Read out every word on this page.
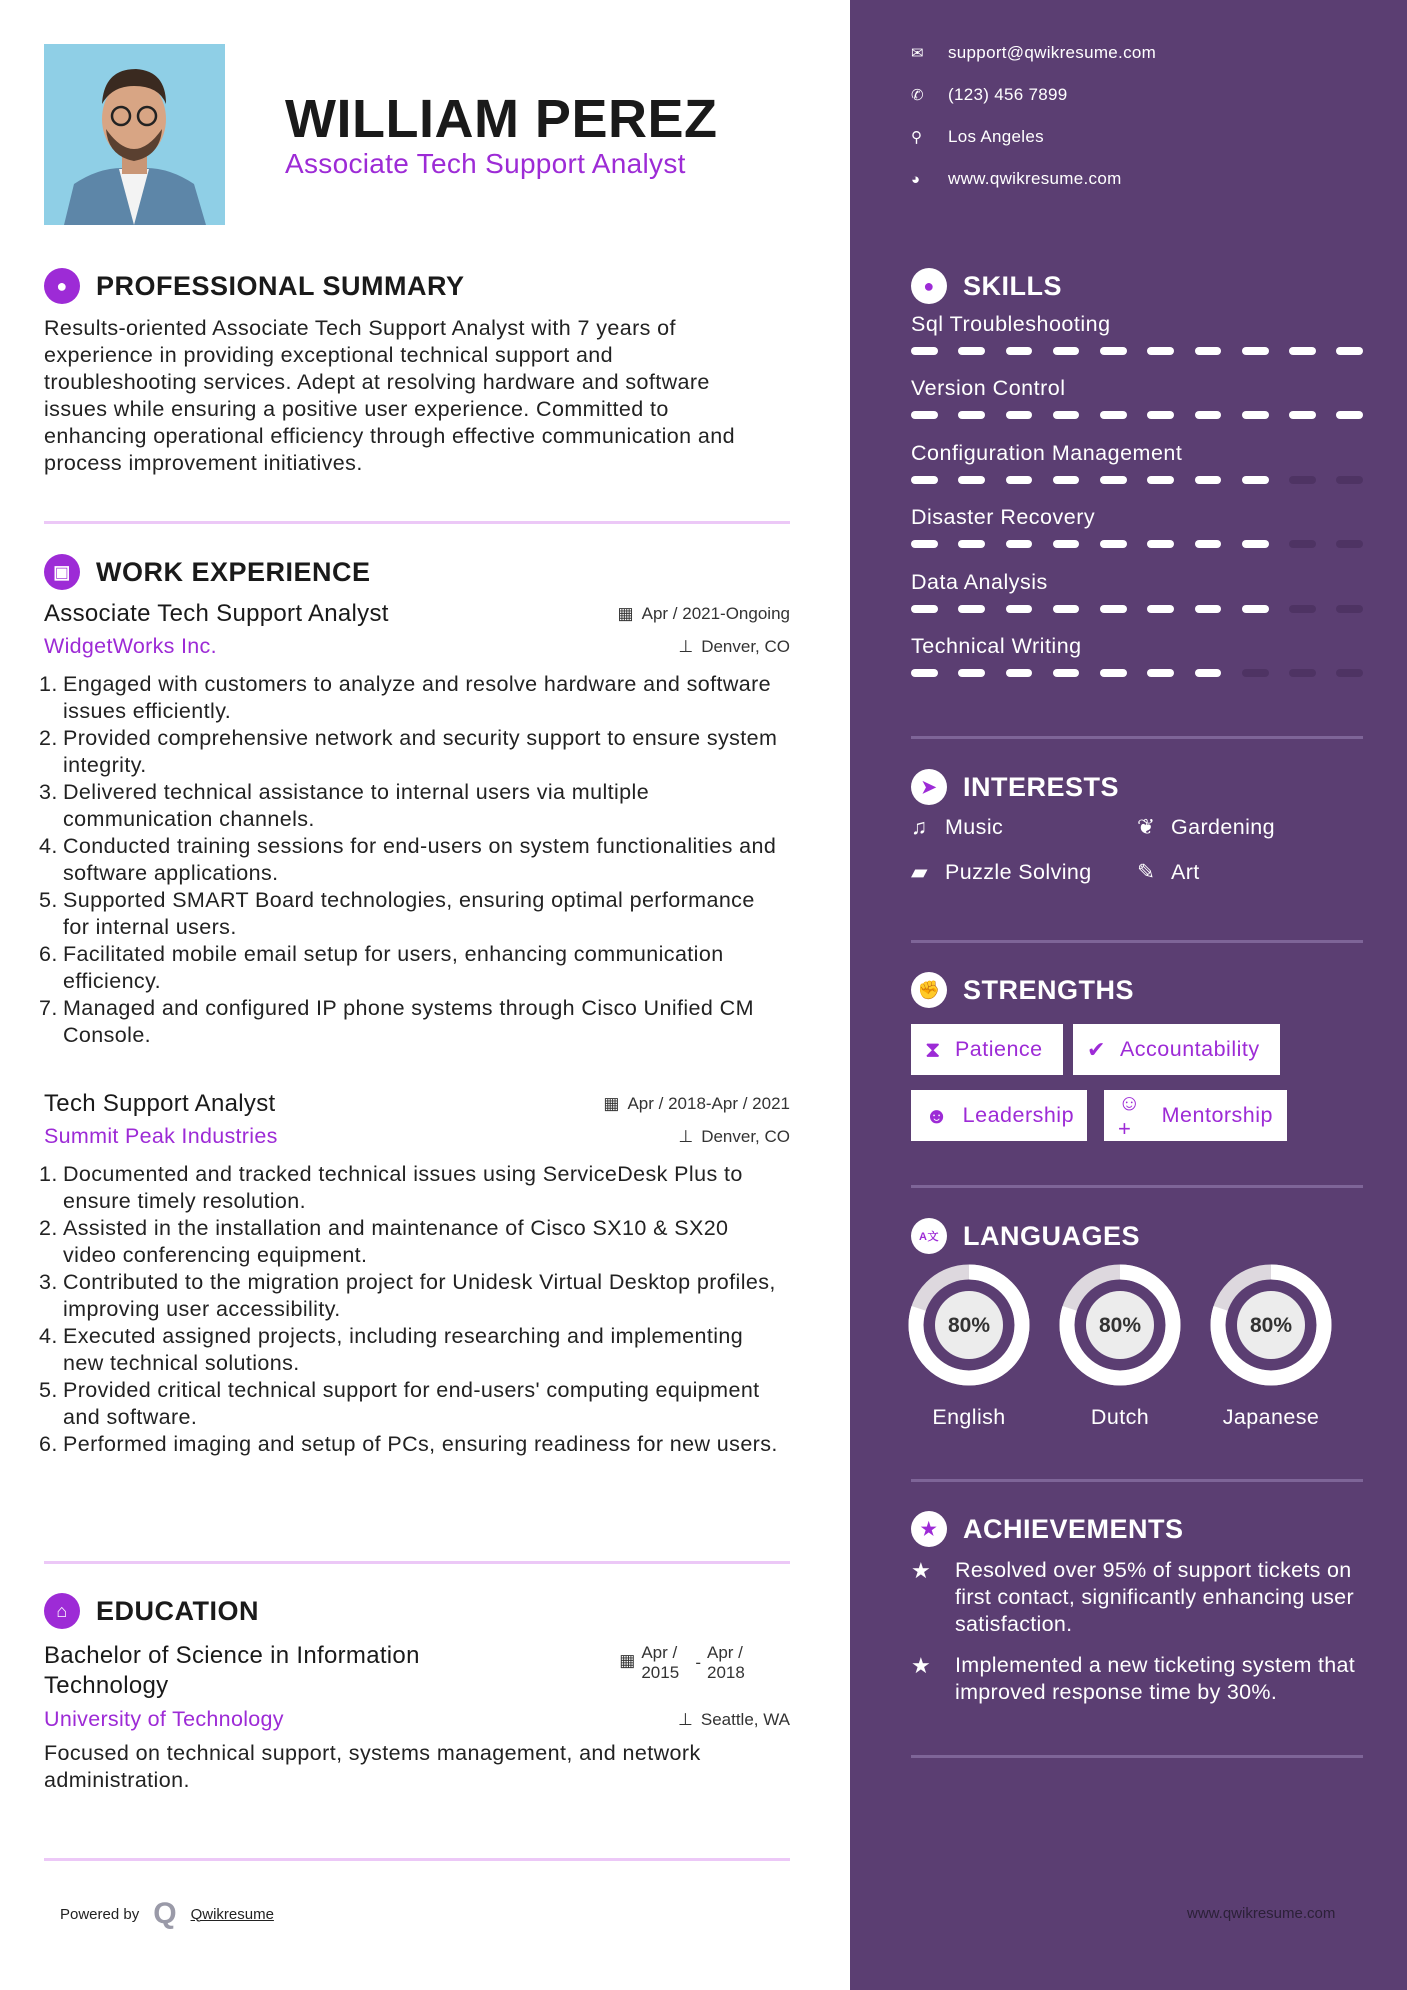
WILLIAM PEREZ
Associate Tech Support Analyst
✉	support@qwikresume.com
✆	(123) 456 7899
⚲	Los Angeles
◕	www.qwikresume.com
●	PROFESSIONAL SUMMARY

Results-oriented Associate Tech Support Analyst with 7 years of experience in providing exceptional technical support and troubleshooting services. Adept at resolving hardware and software issues while ensuring a positive user experience. Committed to enhancing operational efficiency through effective communication and process improvement initiatives.

▣ WORK EXPERIENCE
Associate Tech Support Analyst	▦ Apr / 2021-Ongoing
WidgetWorks Inc.	⊥ Denver, CO
1. Engaged with customers to analyze and resolve hardware and software issues efficiently.
2. Provided comprehensive network and security support to ensure system integrity.
3. Delivered technical assistance to internal users via multiple communication channels.
4. Conducted training sessions for end-users on system functionalities and software applications.
5. Supported SMART Board technologies, ensuring optimal performance for internal users.
6. Facilitated mobile email setup for users, enhancing communication efficiency.
7. Managed and configured IP phone systems through Cisco Unified CM Console.
Tech Support Analyst	▦ Apr / 2018-Apr / 2021
Summit Peak Industries	⊥ Denver, CO
1. Documented and tracked technical issues using ServiceDesk Plus to ensure timely resolution.
2. Assisted in the installation and maintenance of Cisco SX10 & SX20 video conferencing equipment.
3. Contributed to the migration project for Unidesk Virtual Desktop profiles, improving user accessibility.
4. Executed assigned projects, including researching and implementing new technical solutions.
5. Provided critical technical support for end-users' computing equipment and software.
6. Performed imaging and setup of PCs, ensuring readiness for new users.
⌂	EDUCATION
Bachelor of Science in Information Technology
▦ Apr / 2015
-
Apr / 2018
University of Technology	⊥ Seattle, WA

Focused on technical support, systems management, and network administration.

Powered by Q Qwikresume	www.qwikresume.com
●	SKILLS
Sql Troubleshooting
Version Control
Configuration Management
Disaster Recovery
Data Analysis
Technical Writing
➤ INTERESTS
♫ Music	❦ Gardening
▰ Puzzle Solving ✎ Art
✊ STRENGTHS
⧗ Patience ✔ Accountability
☻ Leadership
☺+
Mentorship
A文 LANGUAGES
80%
English
80%
Dutch
80%
Japanese
★ ACHIEVEMENTS
★	Resolved over 95% of support tickets on first contact, significantly enhancing user satisfaction.
★	Implemented a new ticketing system that improved response time by 30%.
